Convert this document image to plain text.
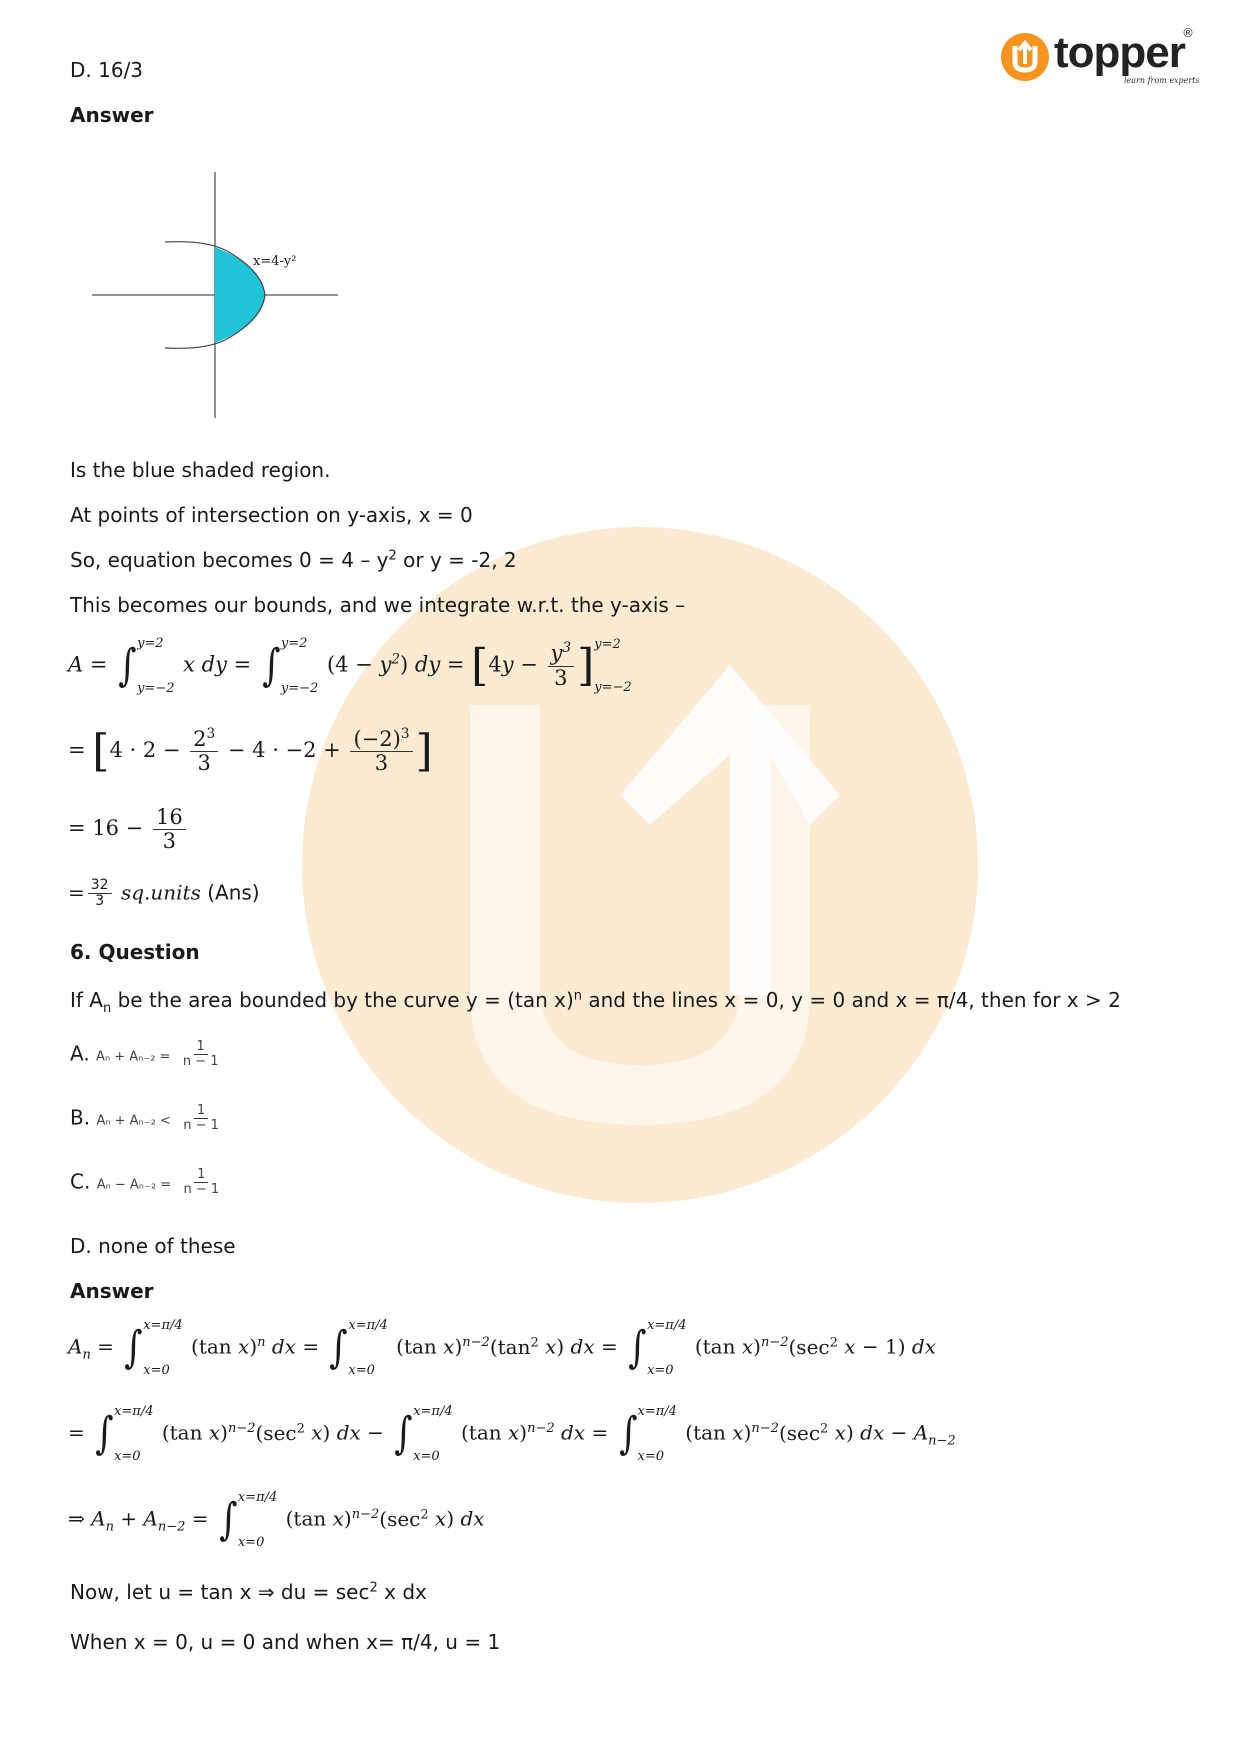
topper
®
learn from experts
D. 16/3
Answer
x=4-y²
Is the blue shaded region.
At points of intersection on y-axis, x = 0
So, equation becomes $0 = 4 - y^2$ or y = -2, 2
This becomes our bounds, and we integrate w.r.t. the y-axis –
A = ∫ y=2
y=−2
x dy = ∫ y=2
y=−2
$(4 - y^2)$ dy = [$4y - \frac{y^3}{3}$ ] y=2
y=−2
= [$4 \cdot 2 - \frac{2^3}{3} - 4 \cdot -2 + \frac{(-2)^3}{3}$ ]
= $16 - \frac{16}{3}$
= $\frac{32}{3}$ sq.units (Ans)
6. Question
If $A_n$ be the area bounded by the curve y = (tan x)$^n$ and the lines x = 0, y = 0 and x = π/4, then for x > 2
A. $A_n + A_{n-2} = \frac{1}{n - 1}$
B. $A_n + A_{n-2} < \frac{1}{n - 1}$
C. $A_n - A_{n-2} = \frac{1}{n - 1}$
D. none of these
Answer
$A_n$ = ∫ x=π/4
x=0
(tan x)$^n$ dx = ∫ x=π/4
x=0
(tan $x)^{n-2}(\tan^2$ x) dx = ∫ x=π/4
x=0
(tan $x)^{n-2}(\sec^2$ x − 1) dx
= ∫ x=π/4
x=0
(tan $x)^{n-2}(\sec^2$ x) dx − ∫ x=π/4
x=0
(tan x)$^{n-2}$ dx = ∫ x=π/4
x=0
(tan $x)^{n-2}(\sec^2$ x) dx − $A_{n-2}$
⇒ $A_n + A_{n-2}$ = ∫ x=π/4
x=0
(tan $x)^{n-2}(\sec^2$ x) dx
Now, let u = tan x ⇒ du = $\sec^2 x$ dx
When x = 0, u = 0 and when x= π/4, u = 1
